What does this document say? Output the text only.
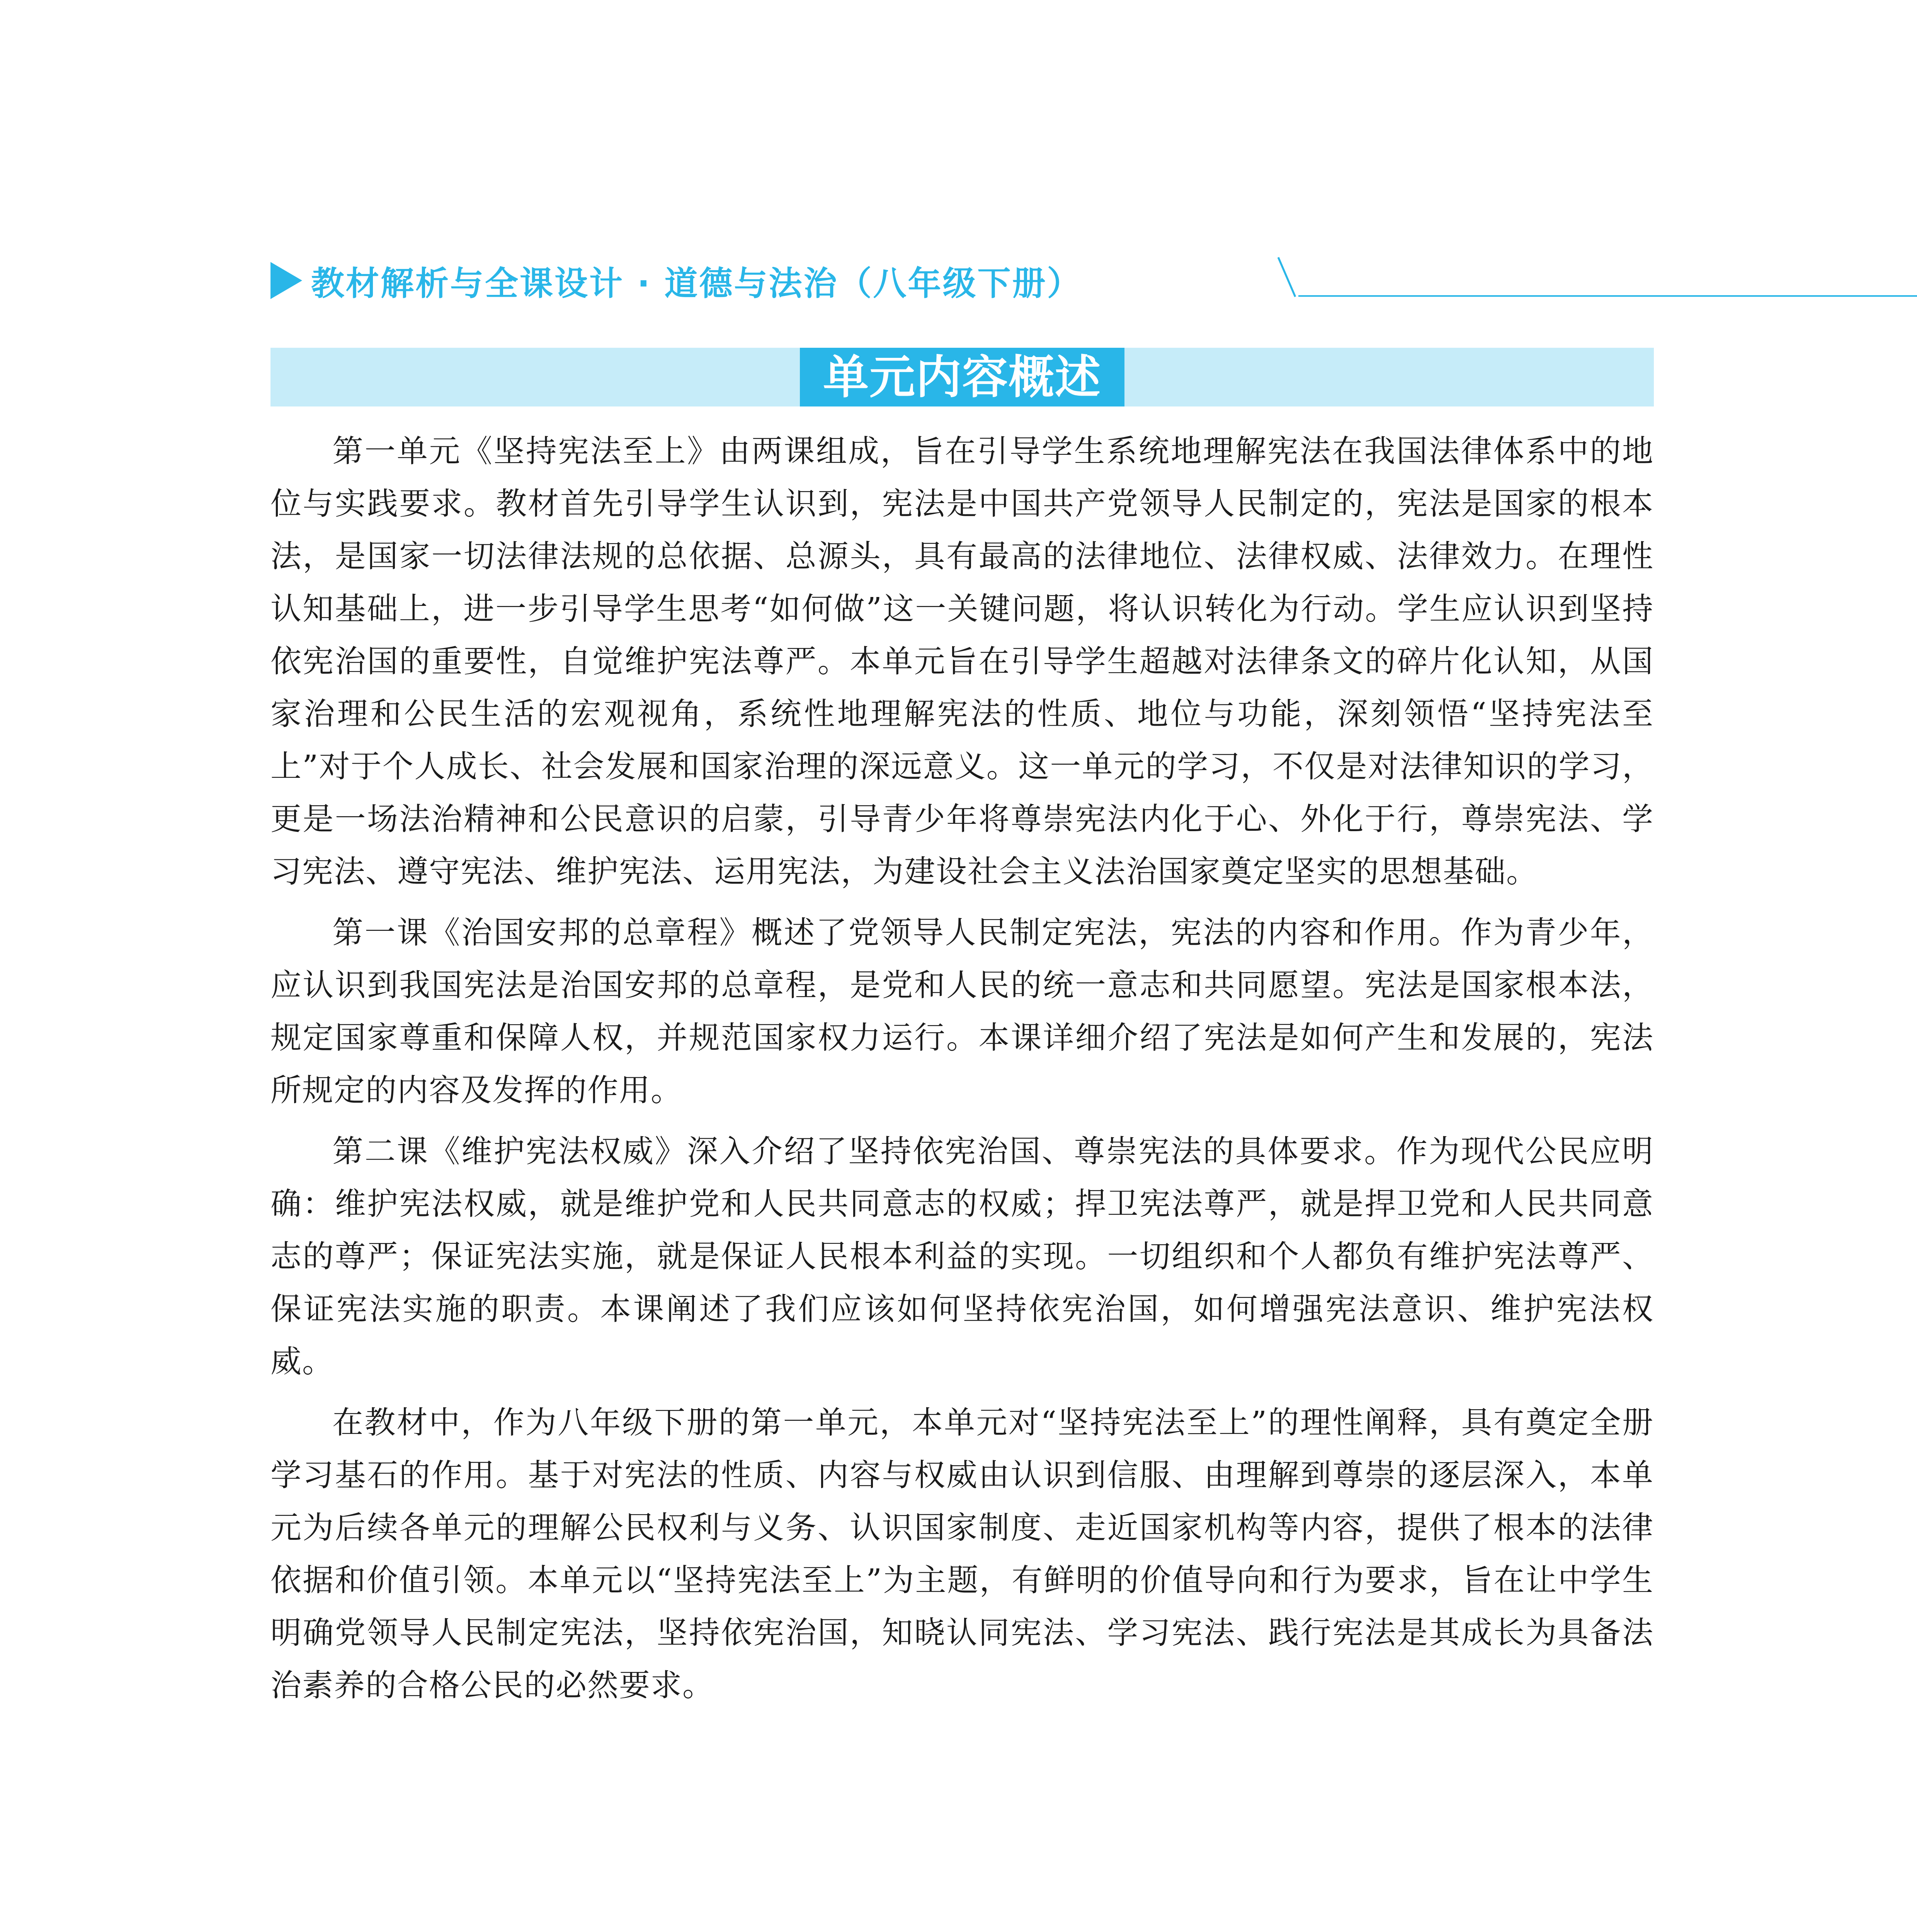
教材解析与全课设计 · 道德与法治（八年级下册）
单元内容概述

第一单元《坚持宪法至上》由两课组成，旨在引导学生系统地理解宪法在我国法律体系中的地位与实践要求。教材首先引导学生认识到，宪法是中国共产党领导人民制定的，宪法是国家的根本法，是国家一切法律法规的总依据、总源头，具有最高的法律地位、法律权威、法律效力。在理性认知基础上，进一步引导学生思考“如何做”这一关键问题，将认识转化为行动。学生应认识到坚持依宪治国的重要性，自觉维护宪法尊严。本单元旨在引导学生超越对法律条文的碎片化认知，从国家治理和公民生活的宏观视角，系统性地理解宪法的性质、地位与功能，深刻领悟“坚持宪法至上”对于个人成长、社会发展和国家治理的深远意义。这一单元的学习，不仅是对法律知识的学习，更是一场法治精神和公民意识的启蒙，引导青少年将尊崇宪法内化于心、外化于行，尊崇宪法、学习宪法、遵守宪法、维护宪法、运用宪法，为建设社会主义法治国家奠定坚实的思想基础。

第一课《治国安邦的总章程》概述了党领导人民制定宪法，宪法的内容和作用。作为青少年，应认识到我国宪法是治国安邦的总章程，是党和人民的统一意志和共同愿望。宪法是国家根本法，规定国家尊重和保障人权，并规范国家权力运行。本课详细介绍了宪法是如何产生和发展的，宪法所规定的内容及发挥的作用。

第二课《维护宪法权威》深入介绍了坚持依宪治国、尊崇宪法的具体要求。作为现代公民应明确：维护宪法权威，就是维护党和人民共同意志的权威；捍卫宪法尊严，就是捍卫党和人民共同意志的尊严；保证宪法实施，就是保证人民根本利益的实现。一切组织和个人都负有维护宪法尊严、保证宪法实施的职责。本课阐述了我们应该如何坚持依宪治国，如何增强宪法意识、维护宪法权威。

在教材中，作为八年级下册的第一单元，本单元对“坚持宪法至上”的理性阐释，具有奠定全册学习基石的作用。基于对宪法的性质、内容与权威由认识到信服、由理解到尊崇的逐层深入，本单元为后续各单元的理解公民权利与义务、认识国家制度、走近国家机构等内容，提供了根本的法律依据和价值引领。本单元以“坚持宪法至上”为主题，有鲜明的价值导向和行为要求，旨在让中学生明确党领导人民制定宪法，坚持依宪治国，知晓认同宪法、学习宪法、践行宪法是其成长为具备法治素养的合格公民的必然要求。
